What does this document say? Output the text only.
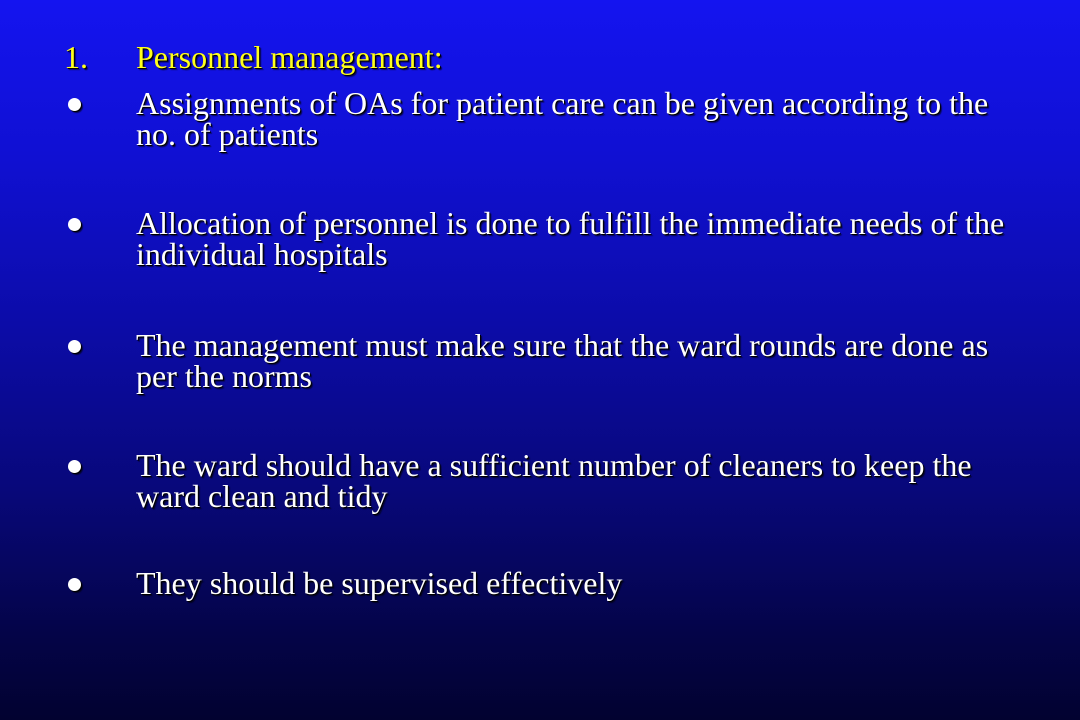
1.	Personnel management:
Assignments of OAs for patient care can be given according to the no. of patients
Allocation of personnel is done to fulfill the immediate needs of the individual hospitals
The management must make sure that the ward rounds are done as per the norms
The ward should have a sufficient number of cleaners to keep the ward clean and tidy
They should be supervised effectively
